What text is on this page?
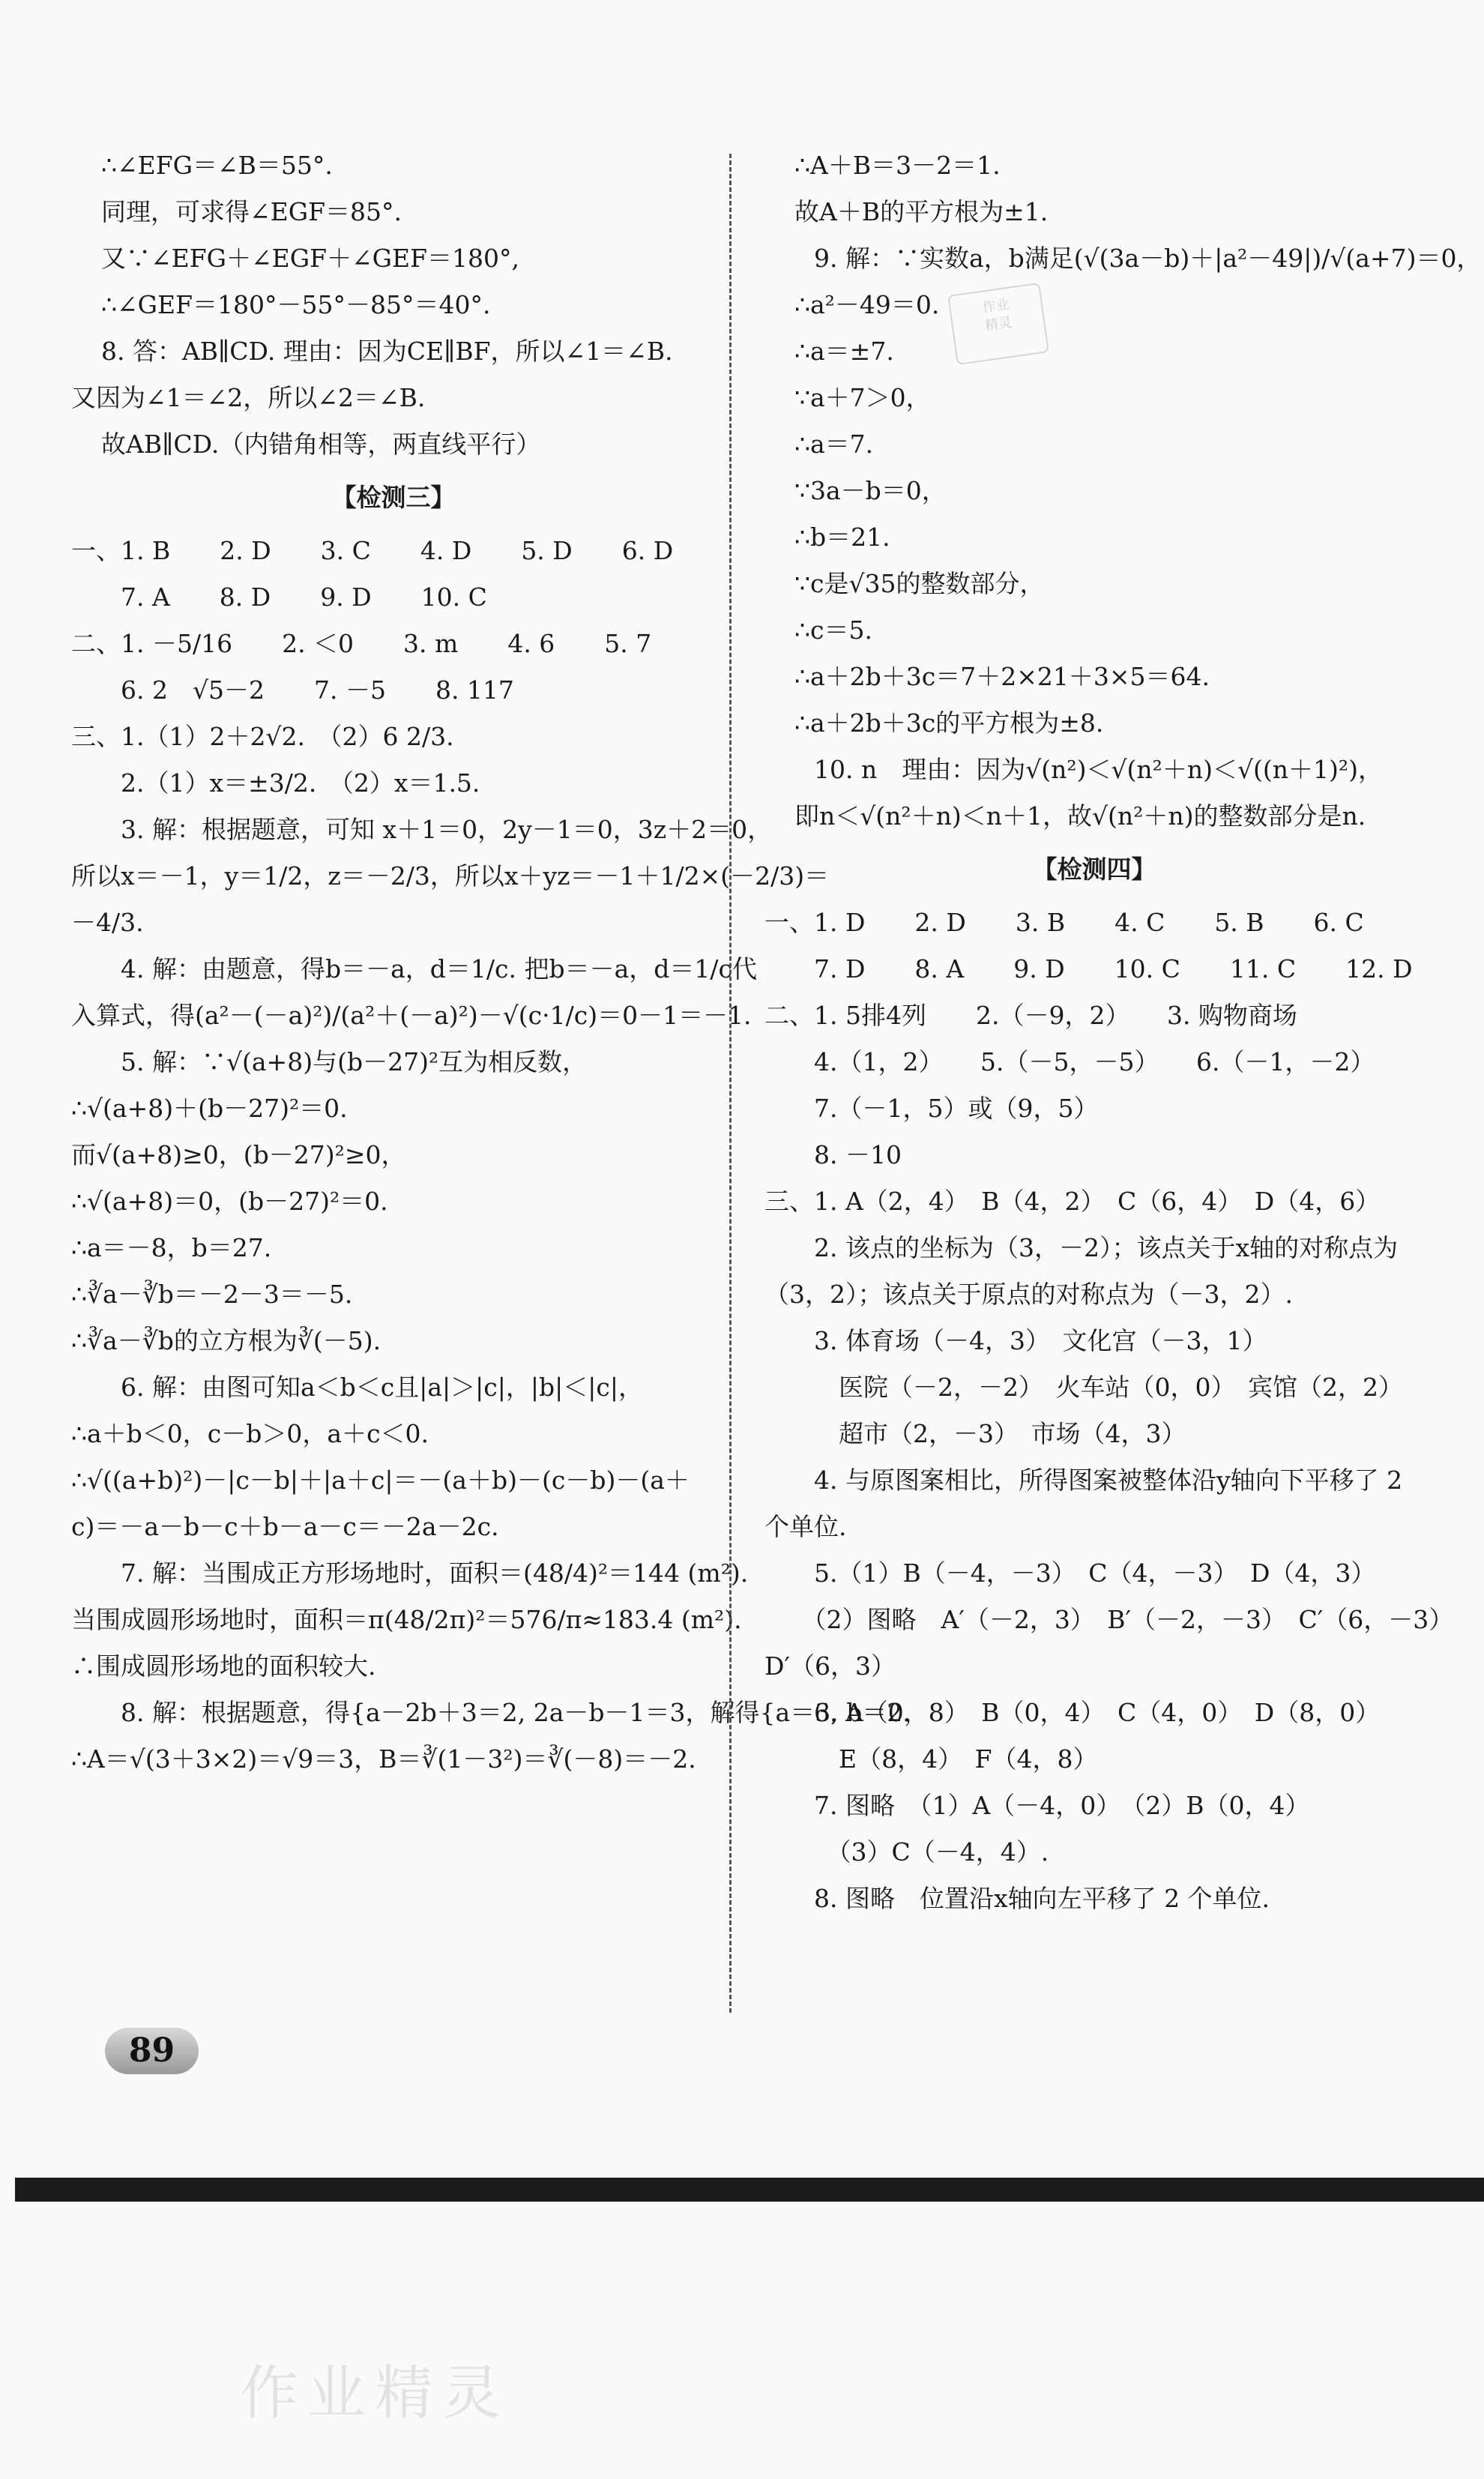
∴∠EFG＝∠B＝55°.
同理，可求得∠EGF＝85°.
又∵∠EFG＋∠EGF＋∠GEF＝180°,
∴∠GEF＝180°－55°－85°＝40°.
8. 答：AB∥CD. 理由：因为CE∥BF，所以∠1＝∠B.
又因为∠1＝∠2，所以∠2＝∠B.
故AB∥CD.（内错角相等，两直线平行）
【检测三】
一、1. B　　2. D　　3. C　　4. D　　5. D　　6. D
　　7. A　　8. D　　9. D　　10. C
二、1. －5/16　　2. ＜0　　3. m　　4. 6　　5. 7
　　6. 2　√5－2　　7. －5　　8. 117
三、1.（1）2＋2√2.　（2）6 2/3.
　　2.（1）x＝±3/2.　（2）x＝1.5.
　　3. 解：根据题意，可知 x＋1＝0，2y－1＝0，3z＋2＝0，
所以x＝－1，y＝1/2，z＝－2/3，所以x＋yz＝－1＋1/2×(－2/3)＝
－4/3.
　　4. 解：由题意，得b＝－a，d＝1/c. 把b＝－a，d＝1/c代
入算式，得(a²－(－a)²)/(a²＋(－a)²)－√(c·1/c)＝0－1＝－1.
　　5. 解：∵√(a+8)与(b－27)²互为相反数，
∴√(a+8)＋(b－27)²＝0.
而√(a+8)≥0，(b－27)²≥0，
∴√(a+8)＝0，(b－27)²＝0.
∴a＝－8，b＝27.
∴∛a－∛b＝－2－3＝－5.
∴∛a－∛b的立方根为∛(－5).
　　6. 解：由图可知a＜b＜c且|a|＞|c|，|b|＜|c|，
∴a＋b＜0，c－b＞0，a＋c＜0.
∴√((a+b)²)－|c－b|＋|a＋c|＝－(a＋b)－(c－b)－(a＋
c)＝－a－b－c＋b－a－c＝－2a－2c.
　　7. 解：当围成正方形场地时，面积＝(48/4)²＝144 (m²).
当围成圆形场地时，面积＝π(48/2π)²＝576/π≈183.4 (m²).
∴围成圆形场地的面积较大.
　　8. 解：根据题意，得{a－2b＋3＝2, 2a－b－1＝3，解得{a＝3, b＝2.
∴A＝√(3＋3×2)＝√9＝3，B＝∛(1－3²)＝∛(－8)＝－2.
∴A＋B＝3－2＝1.
故A＋B的平方根为±1.
　　9. 解：∵实数a，b满足(√(3a－b)＋|a²－49|)/√(a+7)＝0，
∴a²－49＝0.
∴a＝±7.
∵a＋7＞0，
∴a＝7.
∵3a－b＝0，
∴b＝21.
∵c是√35的整数部分，
∴c＝5.
∴a＋2b＋3c＝7＋2×21＋3×5＝64.
∴a＋2b＋3c的平方根为±8.
　　10. n　理由：因为√(n²)＜√(n²＋n)＜√((n＋1)²)，
即n＜√(n²＋n)＜n＋1，故√(n²＋n)的整数部分是n.
【检测四】
一、1. D　　2. D　　3. B　　4. C　　5. B　　6. C
　　7. D　　8. A　　9. D　　10. C　　11. C　　12. D
二、1. 5排4列　　2.（－9，2）　　3. 购物商场
　　4.（1，2）　　5.（－5，－5）　　6.（－1，－2）
　　7.（－1，5）或（9，5）
　　8. －10
三、1. A（2，4）　B（4，2）　C（6，4）　D（4，6）
　　2. 该点的坐标为（3，－2）；该点关于x轴的对称点为
（3，2）；该点关于原点的对称点为（－3，2）.
　　3. 体育场（－4，3）　文化宫（－3，1）
　　　医院（－2，－2）　火车站（0，0）　宾馆（2，2）
　　　超市（2，－3）　市场（4，3）
　　4. 与原图案相比，所得图案被整体沿y轴向下平移了 2
个单位.
　　5.（1）B（－4，－3）　C（4，－3）　D（4，3）
　　（2）图略　A′（－2，3）　B′（－2，－3）　C′（6，－3）
D′（6，3）
　　6. A（0，8）　B（0，4）　C（4，0）　D（8，0）
　　　E（8，4）　F（4，8）
　　7. 图略　（1）A（－4，0）　（2）B（0，4）
　　　（3）C（－4，4）.
　　8. 图略　位置沿x轴向左平移了 2 个单位.
作业
精灵
89
作业精灵
